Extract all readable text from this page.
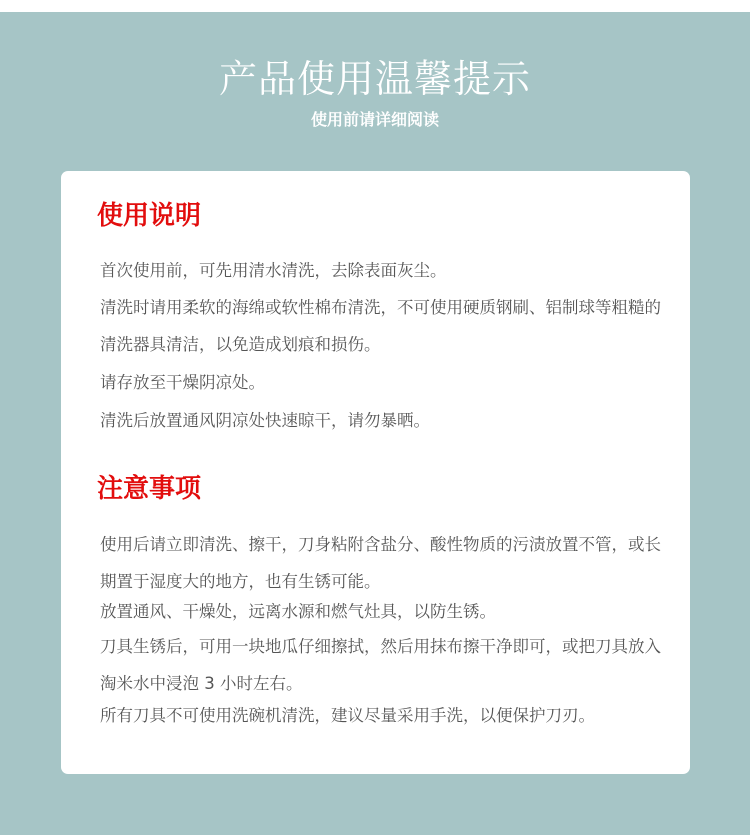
产品使用温馨提示
使用前请详细阅读
使用说明

首次使用前，可先用清水清洗，去除表面灰尘。

清洗时请用柔软的海绵或软性棉布清洗，不可使用硬质钢刷、铝制球等粗糙的清洗器具清洁，以免造成划痕和损伤。

请存放至干燥阴凉处。

清洗后放置通风阴凉处快速晾干，请勿暴晒。

注意事项

使用后请立即清洗、擦干，刀身粘附含盐分、酸性物质的污渍放置不管，或长期置于湿度大的地方，也有生锈可能。

放置通风、干燥处，远离水源和燃气灶具，以防生锈。

刀具生锈后，可用一块地瓜仔细擦拭，然后用抹布擦干净即可，或把刀具放入淘米水中浸泡 3 小时左右。

所有刀具不可使用洗碗机清洗，建议尽量采用手洗，以便保护刀刃。
